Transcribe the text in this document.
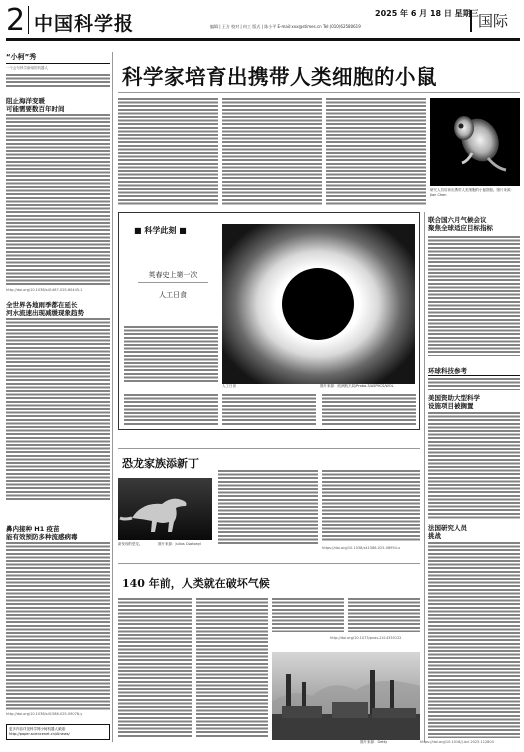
2 中国科学报	2025 年 6 月 18 日 星期三
编辑 | 王方 校对 | 何工 版式 | 陈小平 E-mail:xxx@stimes.cn Tel:(010)62580619	国际
“小柯”秀
一个会写科学新闻的机器人
阻止海洋变暖
可能需要数百年时间
http://doi.org/10.1038/s41467-025-60445-1
全世界各地雨季都在延长
河水流速出现减缓现象趋势
鼻内接种 H1 疫苗
能有效预防多种流感病毒
http://doi.org/10.1038/s41586-025-09078-y
更多内容详见科学网小柯机器人频道：http://paper.sciencenet.cn/AInews/
科学家培育出携带人类细胞的小鼠
研究人员培育出携带人类细胞的小鼠胚胎。图片来源：Jian Chen
■ 科学此刻 ■
英春史上第一次
人工日食
人工日食	图片来源：欧洲航天局/Proba-3/ASPIICS/WOL
联合国六月气候会议
聚焦全球适应目标指标
环球科技参考
美国资助大型科学
设施项目被搁置
法国研究人员
挑战
恐龙家族添新丁
新发现的恐龙。	图片来源：Julius Csotonyi
https://doi.org/10.1038/s41586-025-08994-x
140 年前，人类就在破坏气候
http://doi.org/10.1073/pnas.2414350122
图片来源：Getty	https://doi.org/10.1016/j.isci.2025.112804
